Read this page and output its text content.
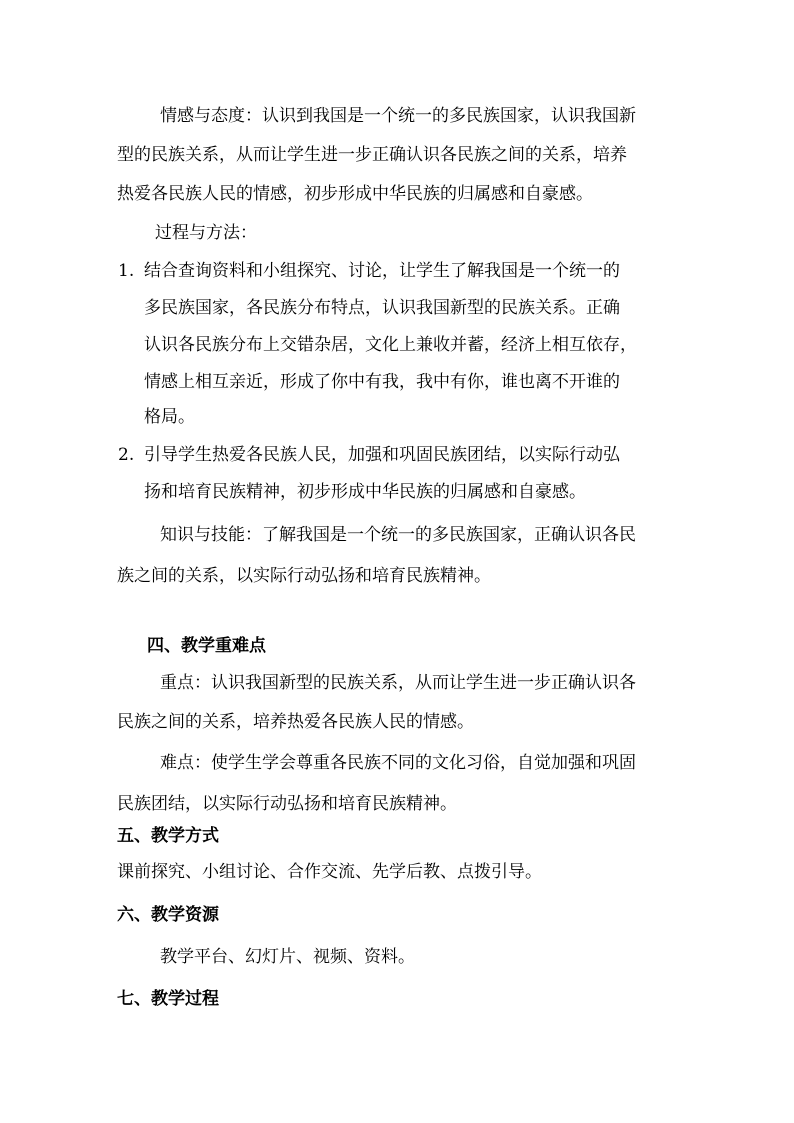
情感与态度：认识到我国是一个统一的多民族国家，认识我国新
型的民族关系，从而让学生进一步正确认识各民族之间的关系，培养
热爱各民族人民的情感，初步形成中华民族的归属感和自豪感。
过程与方法：
1. 结合查询资料和小组探究、讨论，让学生了解我国是一个统一的
多民族国家，各民族分布特点，认识我国新型的民族关系。正确
认识各民族分布上交错杂居，文化上兼收并蓄，经济上相互依存，
情感上相互亲近，形成了你中有我，我中有你，谁也离不开谁的
格局。
2. 引导学生热爱各民族人民，加强和巩固民族团结，以实际行动弘
扬和培育民族精神，初步形成中华民族的归属感和自豪感。
知识与技能：了解我国是一个统一的多民族国家，正确认识各民
族之间的关系，以实际行动弘扬和培育民族精神。
四、教学重难点
重点：认识我国新型的民族关系，从而让学生进一步正确认识各
民族之间的关系，培养热爱各民族人民的情感。
难点：使学生学会尊重各民族不同的文化习俗，自觉加强和巩固
民族团结，以实际行动弘扬和培育民族精神。
五、教学方式
课前探究、小组讨论、合作交流、先学后教、点拨引导。
六、教学资源
教学平台、幻灯片、视频、资料。
七、教学过程
